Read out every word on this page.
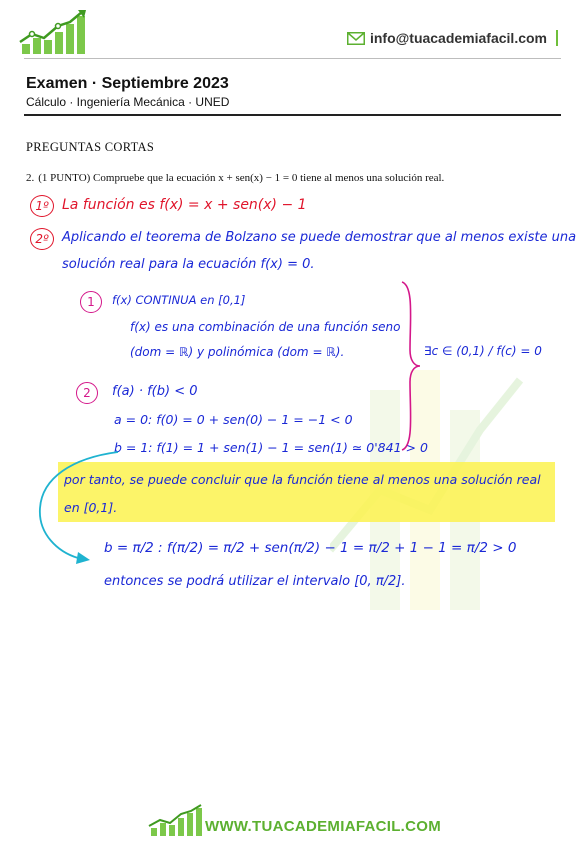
info@tuacademiafacil.com
Examen · Septiembre 2023
Cálculo · Ingeniería Mecánica · UNED
PREGUNTAS CORTAS
2. (1 PUNTO) Compruebe que la ecuación x + sen(x) − 1 = 0 tiene al menos una solución real.
1º La función es f(x) = x + sen(x) − 1
2º	Aplicando el teorema de Bolzano se puede demostrar que al menos existe una
solución real para la ecuación f(x) = 0.
1	f(x) CONTINUA en [0,1]
f(x) es una combinación de una función seno
(dom = ℝ) y polinómica (dom = ℝ).
2	f(a) · f(b) < 0
a = 0: f(0) = 0 + sen(0) − 1 = −1 < 0
b = 1: f(1) = 1 + sen(1) − 1 = sen(1) ≃ 0'841 > 0
∃c ∈ (0,1) / f(c) = 0
por tanto, se puede concluir que la función tiene al menos una solución real
en [0,1].
b = π/2 : f(π/2) = π/2 + sen(π/2) − 1 = π/2 + 1 − 1 = π/2 > 0
entonces se podrá utilizar el intervalo [0, π/2].
WWW.TUACADEMIAFACIL.COM
